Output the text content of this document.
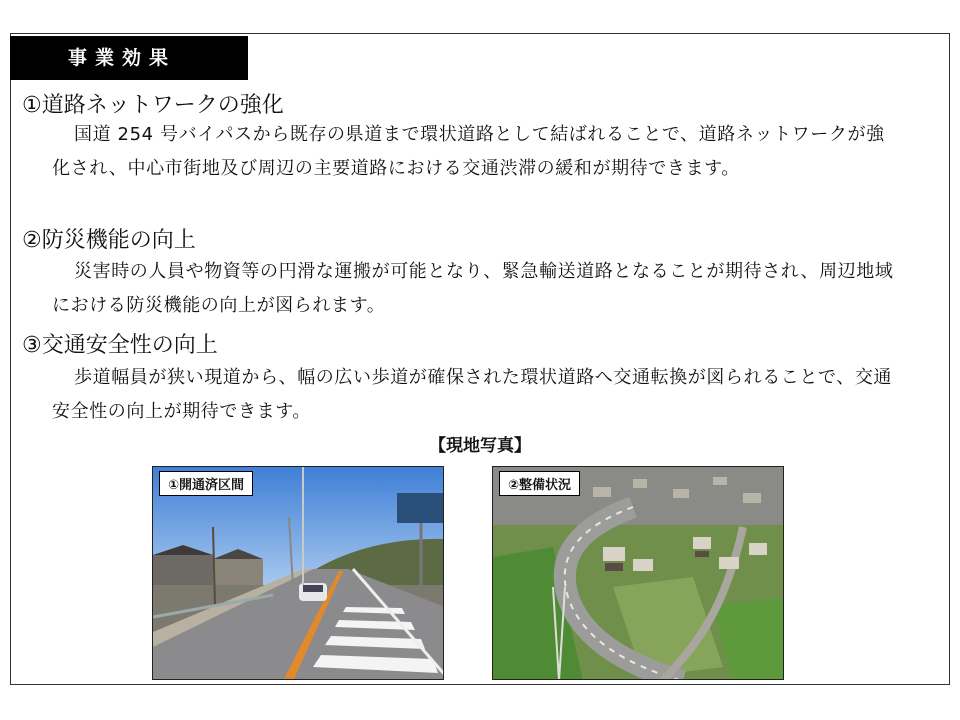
事業効果
①道路ネットワークの強化
国道 254 号バイパスから既存の県道まで環状道路として結ばれることで、道路ネットワークが強化され、中心市街地及び周辺の主要道路における交通渋滞の緩和が期待できます。
②防災機能の向上
災害時の人員や物資等の円滑な運搬が可能となり、緊急輸送道路となることが期待され、周辺地域における防災機能の向上が図られます。
③交通安全性の向上
歩道幅員が狭い現道から、幅の広い歩道が確保された環状道路へ交通転換が図られることで、交通安全性の向上が期待できます。
【現地写真】
①開通済区間	②整備状況
